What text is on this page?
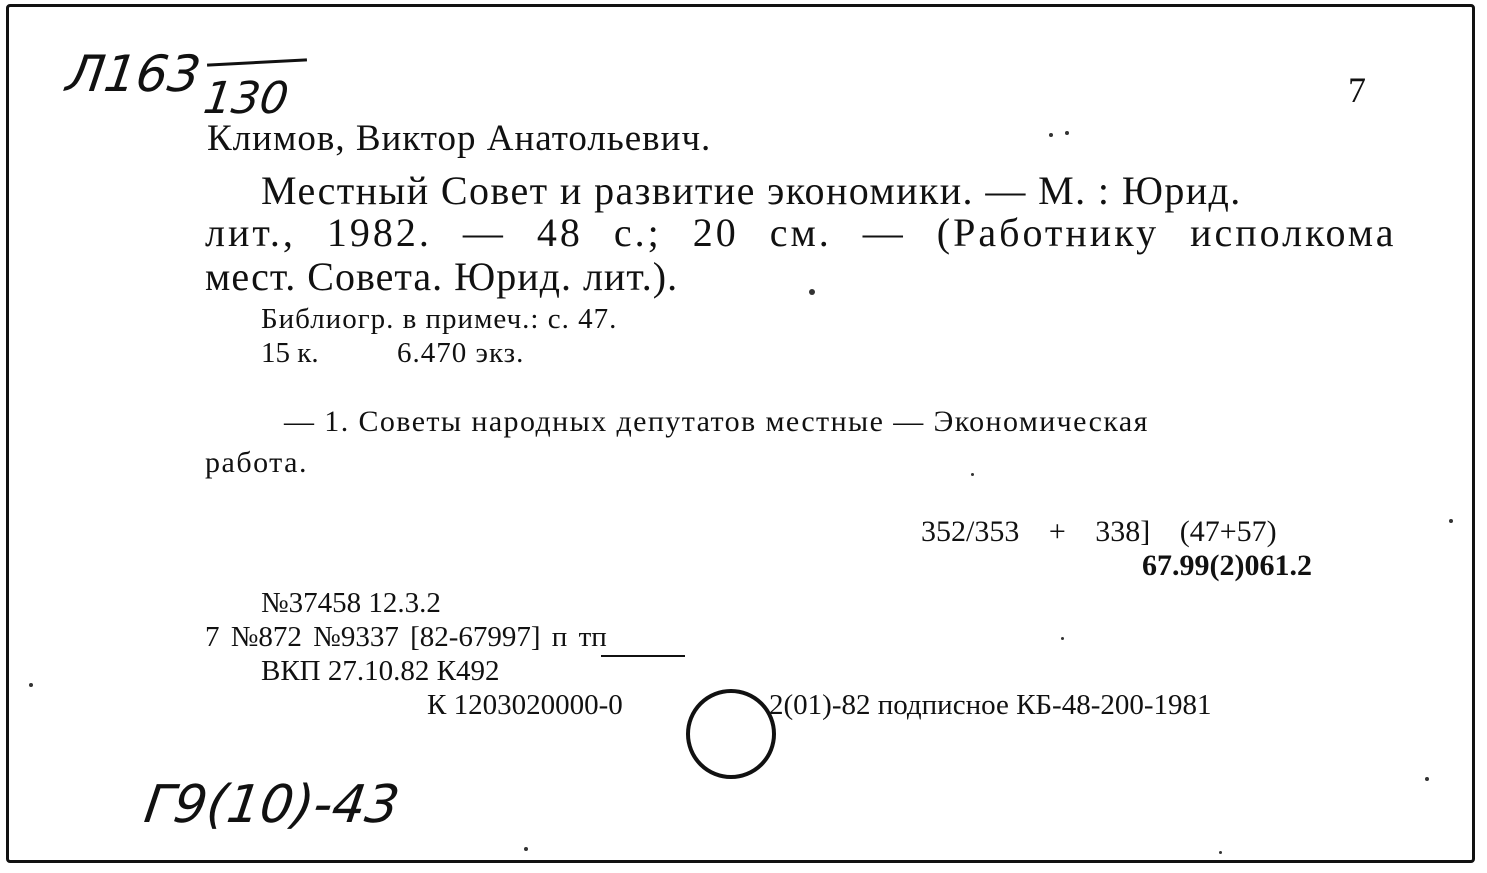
Л163
130	7
Климов, Виктор Анатольевич.
Местный Совет и развитие экономики. — М. : Юрид.
лит., 1982. — 48 с.; 20 см. — (Работнику исполкома
мест. Совета. Юрид. лит.).
Библиогр. в примеч.: с. 47.
15 к.	6.470 экз.
— 1. Советы народных депутатов местные — Экономическая
работа.
352/353 + 338] (47+57)
67.99(2)061.2
№37458 12.3.2
7 №872 №9337 [82-67997] п тп
ВКП 27.10.82 К492
К 1203020000-0	2(01)-82 подписное КБ-48-200-1981
Г9(10)-43
